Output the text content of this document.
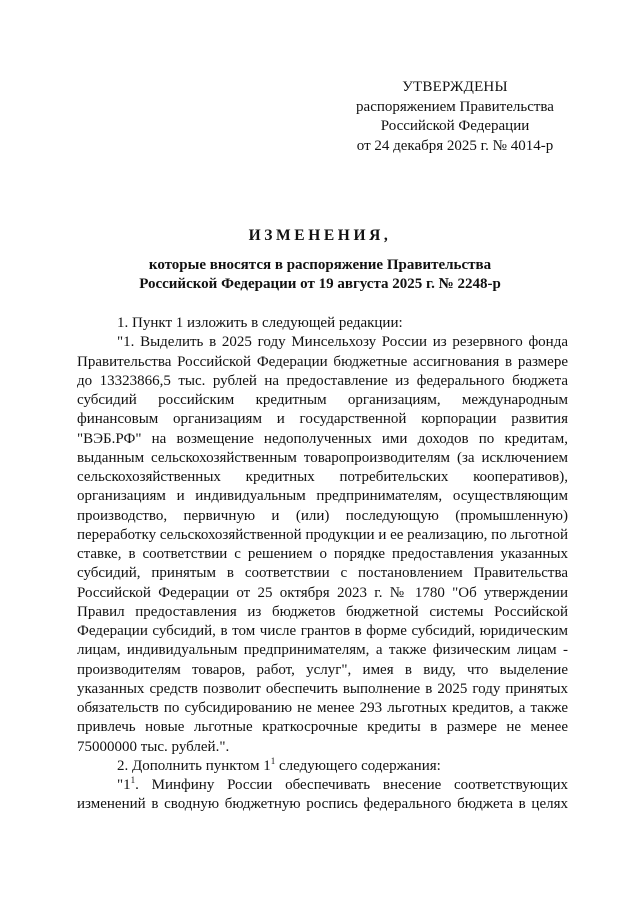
УТВЕРЖДЕНЫ
распоряжением Правительства
Российской Федерации
от 24 декабря 2025 г. № 4014-р
ИЗМЕНЕНИЯ,
которые вносятся в распоряжение Правительства
Российской Федерации от 19 августа 2025 г. № 2248-р

1. Пункт 1 изложить в следующей редакции:

"1. Выделить в 2025 году Минсельхозу России из резервного фонда Правительства Российской Федерации бюджетные ассигнования в размере до 13323866,5 тыс. рублей на предоставление из федерального бюджета субсидий российским кредитным организациям, международным финансовым организациям и государственной корпорации развития "ВЭБ.РФ" на возмещение недополученных ими доходов по кредитам, выданным сельскохозяйственным товаропроизводителям (за исключением сельскохозяйственных кредитных потребительских кооперативов), организациям и индивидуальным предпринимателям, осуществляющим производство, первичную и (или) последующую (промышленную) переработку сельскохозяйственной продукции и ее реализацию, по льготной ставке, в соответствии с решением о порядке предоставления указанных субсидий, принятым в соответствии с постановлением Правительства Российской Федерации от 25 октября 2023 г. № 1780 "Об утверждении Правил предоставления из бюджетов бюджетной системы Российской Федерации субсидий, в том числе грантов в форме субсидий, юридическим лицам, индивидуальным предпринимателям, а также физическим лицам - производителям товаров, работ, услуг", имея в виду, что выделение указанных средств позволит обеспечить выполнение в 2025 году принятых обязательств по субсидированию не менее 293 льготных кредитов, а также привлечь новые льготные краткосрочные кредиты в размере не менее 75000000 тыс. рублей.".

2. Дополнить пунктом $1^1$ следующего содержания:

"$1^1$. Минфину России обеспечивать внесение соответствующих изменений в сводную бюджетную роспись федерального бюджета в целях
